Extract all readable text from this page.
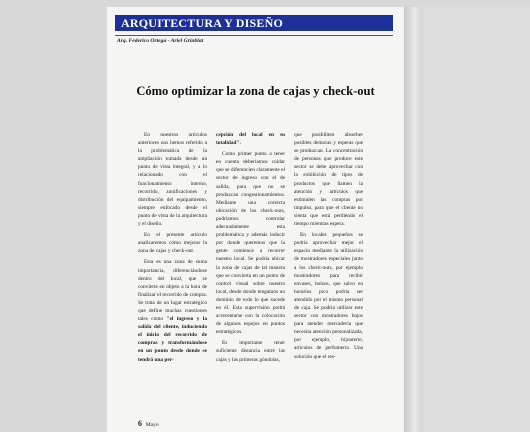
ARQUITECTURA Y DISEÑO
Arq. Federico Ortega - Ariel Grinblat
Cómo optimizar la zona de cajas y check-out

En nuestros artículos anteriores nos hemos referido a la problemática de la ampliación tomada desde un punto de vista integral, y a lo relacionado con el funcionamiento interno, recorrido, zonificaciones y distribución del equipamiento, siempre enfocado desde el punto de vista de la arquitectura y el diseño.

En el presente artículo analizaremos cómo mejorar la zona de cajas y check-out.

Esta es una zona de suma importancia, diferenciándose dentro del local, que se convierte en objeto a la hora de finalizar el recorrido de compra. Se trata de un lugar estratégico que define muchas cuestiones tales como "el ingreso y la salida del cliente, induciendo el inicio del recorrido de compras y transformándose en un punto desde donde se tendrá una per-

cepción del local en su totalidad".

Como primer punto a tener en cuenta deberíamos cuidar que se diferencien claramente el sector de ingreso con el de salida, para que no se produzcan congestionamientos. Mediante una correcta ubicación de los check-outs, podríamos controlar adecuadamente esta problemática y además inducir por donde queremos que la gente comience a recorrer nuestro local. Se podría ubicar la zona de cajas de tal manera que se convierta en un punto de control visual sobre nuestro local, desde donde tengamos un dominio de todo lo que sucede en él. Esta supervisión podrá acrecentarse con la colocación de algunos espejos en puntos estratégicos.

Es importante tener suficiente distancia entre las cajas y las primeras góndolas,

que posibiliten absorber posibles demoras y esperas que se produzcan. La concentración de personas que produce este sector se debe aprovechar con la exhibición de tipos de productos que llamen la atención y artículos que estimulen las compras por impulso, para que el cliente no sienta que está perdiendo el tiempo mientras espera.

En locales pequeños se podría aprovechar mejor el espacio mediante la utilización de mostradores especiales junto a los check-outs, por ejemplo mostradores para recibir envases, bolsos, que salvo en horarios pico podría ser atendido por el mismo personal de caja. Se podría utilizar este sector con mostradores bajos para atender mercadería que necesita atención personalizada, por ejemplo, bijouterie, artículos de perfumería. Una solución que el res-

6 Mayo
